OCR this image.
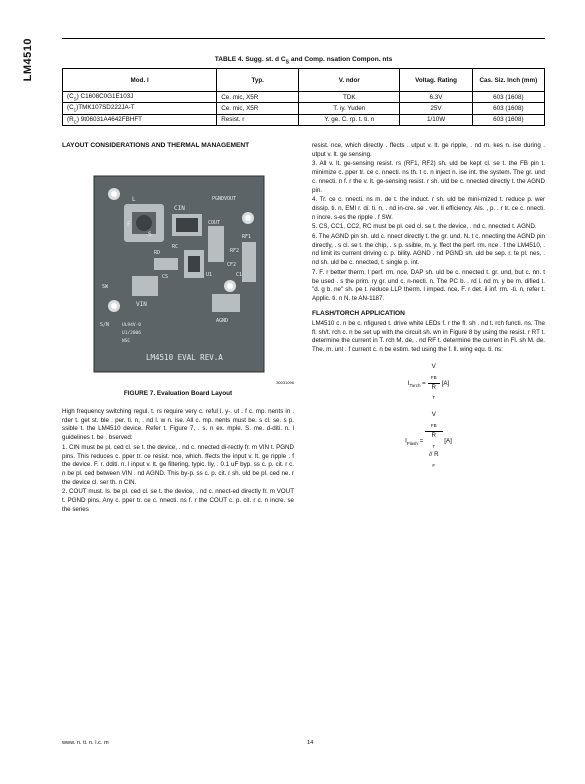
LM4510	TABLE 4. Sugg. st. d $C_S$ and Comp. nsation Compon. nts
Mod. l	Typ.	V. ndor	Voltag. Rating	Cas. Siz. Inch (mm)
$(C_S)$ C1608C0G1E103J	Ce. mic, X5R	TDK	6.3V	603 (1608)
$(C_1)TMK107SD222JA-T$	Ce. mic, X5R	T. iy. Yuden	25V	603 (1608)
$(R_C)$ 9t06031A4642FBHFT	Resist. r	Y. ge. C. rp. t. ti. n	1/10W	603 (1608)
LAYOUT CONSIDERATIONS AND THERMAL MANAGEMENT
L
F
S
CIN
PGND VOUT
COUT
RF1
RF2
CF2
C1
RC
RD
CS	U1
AGND
VIN
SW
S/N	UL94V-0
U1/2006
NSC
LM4510 EVAL REV.A
30031096
FIGURE 7. Evaluation Board Layout

High frequency switching regul. t. rs require very c. reful l. y-. ut . f c. mp. nents in . rder t. get st. ble . per. ti. n, . nd l. w n. ise. All c. mp. nents must be. s cl. se. s p. ssible t. the LM4510 device. Refer t. Figure 7, . s. n ex. mple. S. me. d-diti. n. l guidelines t. be . bserved:

1. CIN must be pl. ced cl. se t. the device, . nd c. nnected di-rectly fr. m VIN t. PGND pins. This reduces c. pper tr. ce resist. nce, which. ffects the input v. lt. ge ripple . f the device. F. r. dditi. n. l input v. lt. ge filtering, typic. lly, . 0.1 uF byp. ss c. p. cit. r c. n be pl. ced between VIN . nd AGND. This by-p. ss c. p. cit. r sh. uld be pl. ced ne. r the device cl. ser th. n CIN.

2. COUT must. ls. be pl. ced cl. se t. the device, . nd c. nnect-ed directly fr. m VOUT t. PGND pins. Any c. pper tr. ce c. nnecti. ns f. r the COUT c. p. cit. r c. n incre. se the series

resist. nce, which directly . ffects . utput v. lt. ge ripple, . nd m. kes n. ise during . utput v. lt. ge sensing.

3. All v. lt. ge-sensing resist. rs (RF1, RF2) sh. uld be kept cl. se t. the FB pin t. minimize c. pper tr. ce c. nnecti. ns th. t c. n inject n. ise int. the system. The gr. und c. nnecti. n f. r the v. lt. ge-sensing resist. r sh. uld be c. nnected directly t. the AGND pin.

4. Tr. ce c. nnecti. ns m. de t. the induct. r sh. uld be mini-mized t. reduce p. wer dissip. ti. n, EMI r. di. ti. n, . nd in-cre. se . ver. ll efficiency. Als. , p. . r tr. ce c. nnecti. n incre. s-es the ripple . f SW.

5. CS, CC1, CC2, RC must be pl. ced cl. se t. the device, . nd c. nnected t. AGND.

6. The AGND pin sh. uld c. nnect directly t. the gr. und. N. t c. nnecting the AGND pin directly, . s cl. se t. the chip, . s p. ssible, m. y. ffect the perf. rm. nce . f the LM4510, . nd limit its current driving c. p. bility. AGND . nd PGND sh. uld be sep. r. te pl. nes, . nd sh. uld be c. nnected, t. single p. int.

7. F. r better therm. l perf. rm. nce, DAP sh. uld be c. nnected t. gr. und, but c. nn. t be used . s the prim. ry gr. und c. n-necti. n. The PC b. . rd l. nd m. y be m. dified t. "d. g b. ne" sh. pe t. reduce LLP therm. l imped. nce. F. r det. il inf. rm. -ti. n, refer t. Applic. ti. n N. te AN-1187.

FLASH/TORCH APPLICATION

LM4510 c. n be c. nfigured t. drive white LEDs f. r the fl. sh . nd t. rch functi. ns. The fl. sh/t. rch c. n be set up with the circuit sh. wn in Figure 8 by using the resist. r RT t. determine the current in T. rch M. de, . nd RF t. determine the current in Fl. sh M. de. The. m. unt . f current c. n be estim. ted using the f. ll. wing equ. ti. ns:

$I_{Torch} = V$
$_{FB}$
R
$_T$ [A]
$I_{Flash} = V$
$_{FB}$
R
$_T$
// R
$_F$ [A]
www. n. ti. n. l.c. m	14
